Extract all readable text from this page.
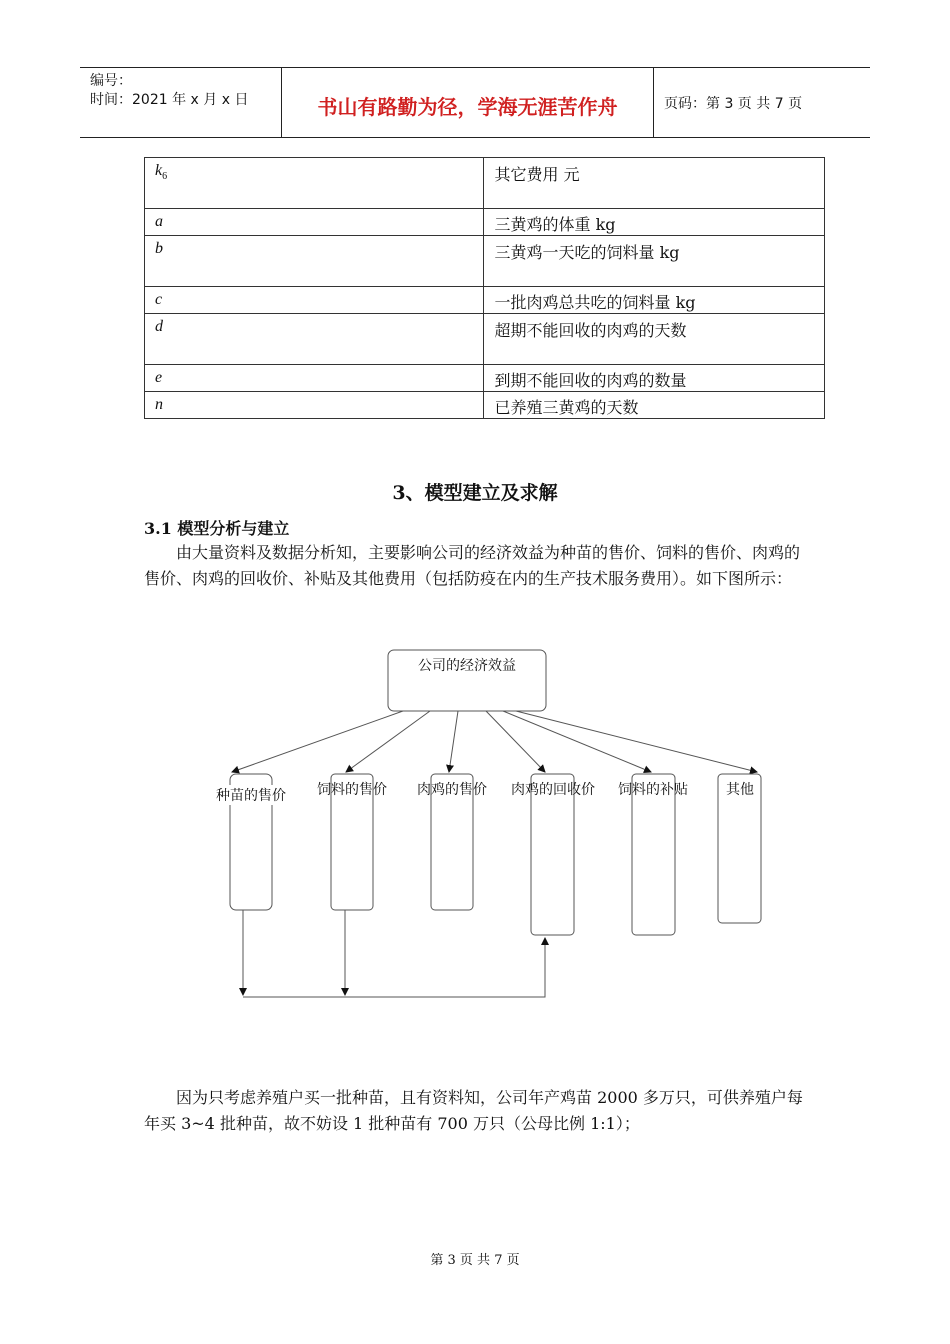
编号：
时间：2021 年 x 月 x 日	书山有路勤为径，学海无涯苦作舟	页码：第 3 页 共 7 页
$k_6$	其它费用 元
a	三黄鸡的体重 kg
b	三黄鸡一天吃的饲料量 kg
c	一批肉鸡总共吃的饲料量 kg
d	超期不能回收的肉鸡的天数
e	到期不能回收的肉鸡的数量
n	已养殖三黄鸡的天数
3、模型建立及求解
3.1 模型分析与建立
由大量资料及数据分析知，主要影响公司的经济效益为种苗的售价、饲料的售价、肉鸡的售价、肉鸡的回收价、补贴及其他费用（包括防疫在内的生产技术服务费用）。如下图所示：
公司的经济效益
种苗的售价 饲料的售价 肉鸡的售价 肉鸡的回收价 饲料的补贴	其他
因为只考虑养殖户买一批种苗，且有资料知，公司年产鸡苗 2000 多万只，可供养殖户每年买 3~4 批种苗，故不妨设 1 批种苗有 700 万只（公母比例 1:1）；
第 3 页 共 7 页
